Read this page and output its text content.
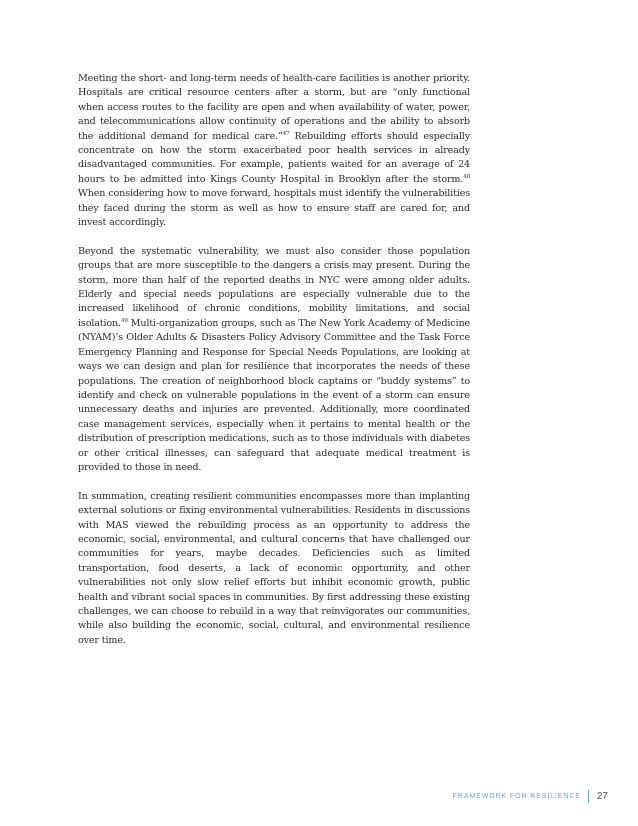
Meeting the short- and long-term needs of health-care facilities is another priority. Hospitals are critical resource centers after a storm, but are “only functional when access routes to the facility are open and when availability of water, power, and telecommunications allow continuity of operations and the ability to absorb the additional demand for medical care.”$^{47}$ Rebuilding efforts should especially concentrate on how the storm exacerbated poor health services in already disadvantaged communities. For example, patients waited for an average of 24 hours to be admitted into Kings County Hospital in Brooklyn after the storm.$^{48}$ When considering how to move forward, hospitals must identify the vulnerabilities they faced during the storm as well as how to ensure staff are cared for, and invest accordingly.

Beyond the systematic vulnerability, we must also consider those population groups that are more susceptible to the dangers a crisis may present. During the storm, more than half of the reported deaths in NYC were among older adults. Elderly and special needs populations are especially vulnerable due to the increased likelihood of chronic conditions, mobility limitations, and social isolation.$^{49}$ Multi-organization groups, such as The New York Academy of Medicine (NYAM)’s Older Adults & Disasters Policy Advisory Committee and the Task Force Emergency Planning and Response for Special Needs Populations, are looking at ways we can design and plan for resilience that incorporates the needs of these populations. The creation of neighborhood block captains or “buddy systems” to identify and check on vulnerable populations in the event of a storm can ensure unnecessary deaths and injuries are prevented. Additionally, more coordinated case management services, especially when it pertains to mental health or the distribution of prescription medications, such as to those individuals with diabetes or other critical illnesses, can safeguard that adequate medical treatment is provided to those in need.

In summation, creating resilient communities encompasses more than implanting external solutions or fixing environmental vulnerabilities. Residents in discussions with MAS viewed the rebuilding process as an opportunity to address the economic, social, environmental, and cultural concerns that have challenged our communities for years, maybe decades. Deficiencies such as limited transportation, food deserts, a lack of economic opportunity, and other vulnerabilities not only slow relief efforts but inhibit economic growth, public health and vibrant social spaces in communities. By first addressing these existing challenges, we can choose to rebuild in a way that reinvigorates our communities, while also building the economic, social, cultural, and environmental resilience over time.

FRAMEWORK FOR RESILIENCE 27
